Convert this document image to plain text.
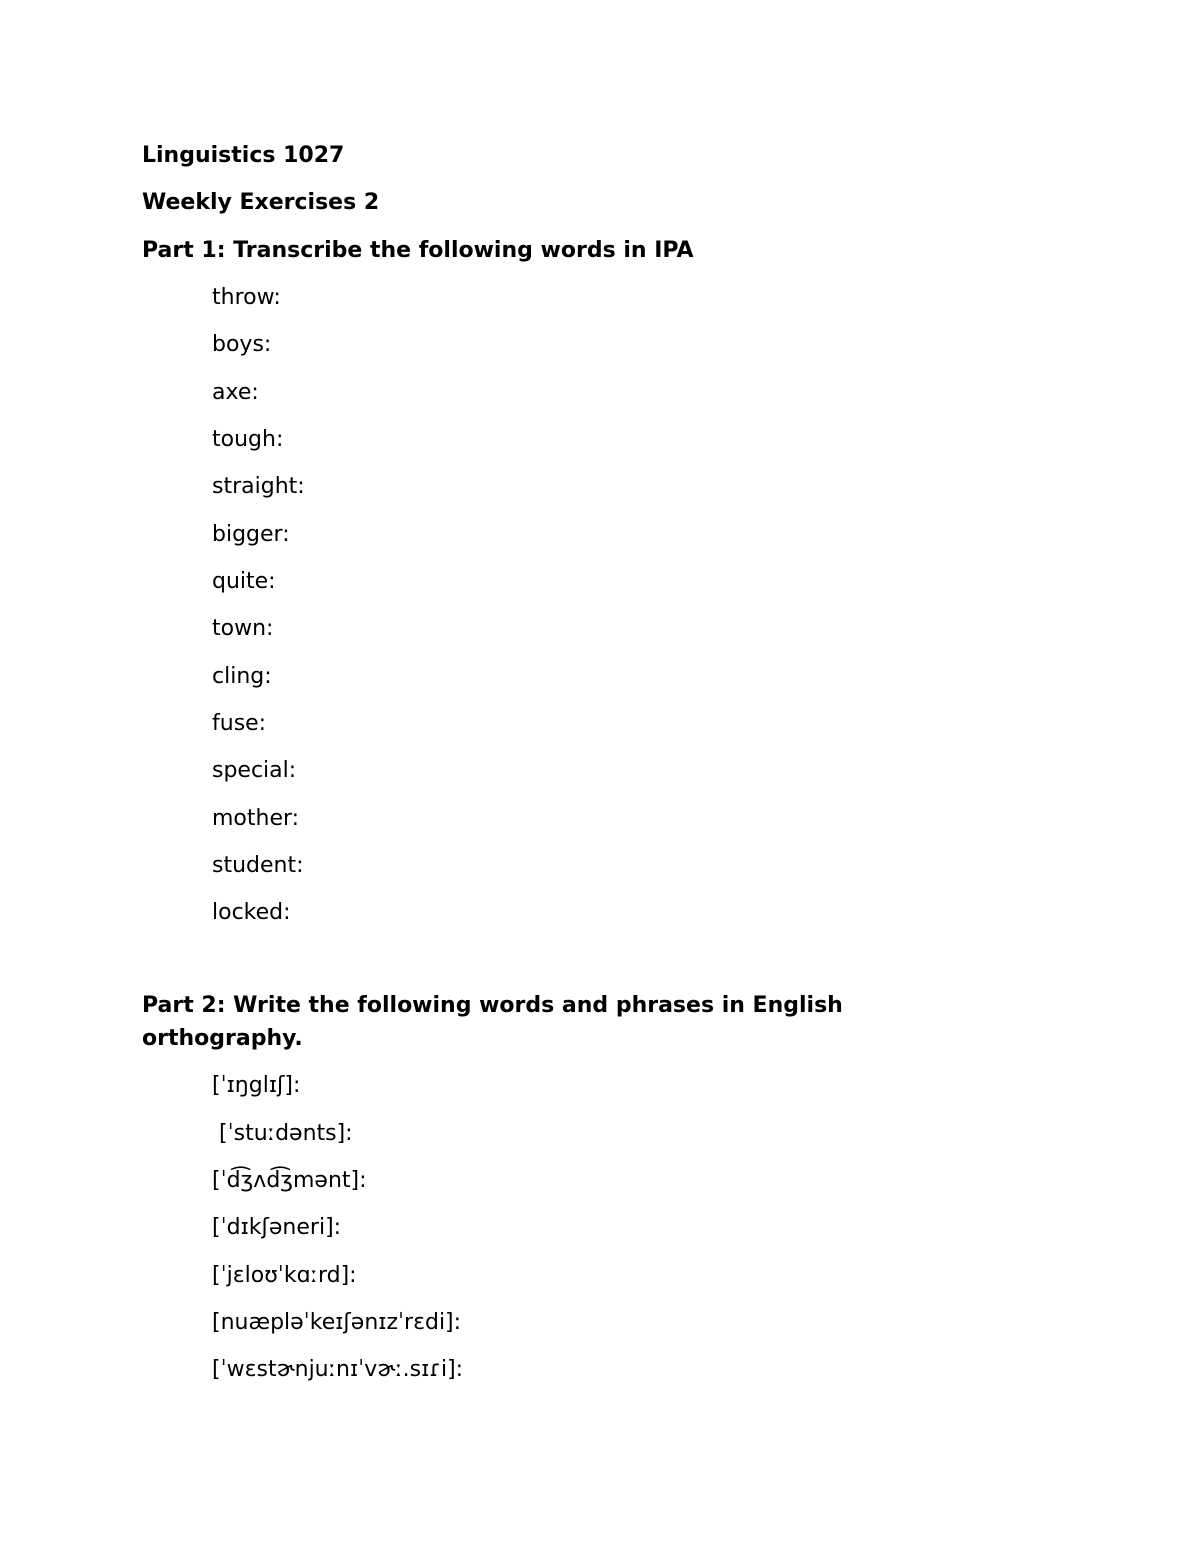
Linguistics 1027
Weekly Exercises 2
Part 1: Transcribe the following words in IPA
throw:
boys:
axe:
tough:
straight:
bigger:
quite:
town:
cling:
fuse:
special:
mother:
student:
locked:
Part 2: Write the following words and phrases in English orthography.
[ˈɪŋglɪʃ]:
[ˈstuːdənts]:
[ˈd͡ʒʌd͡ʒmənt]:
[ˈdɪkʃəneri]:
[ˈjɛloʊˈkɑːrd]:
[nuæpləˈkeɪʃənɪzˈrɛdi]:
[ˈwɛstɚnjuːnɪˈvɚː.sɪɾi]:
